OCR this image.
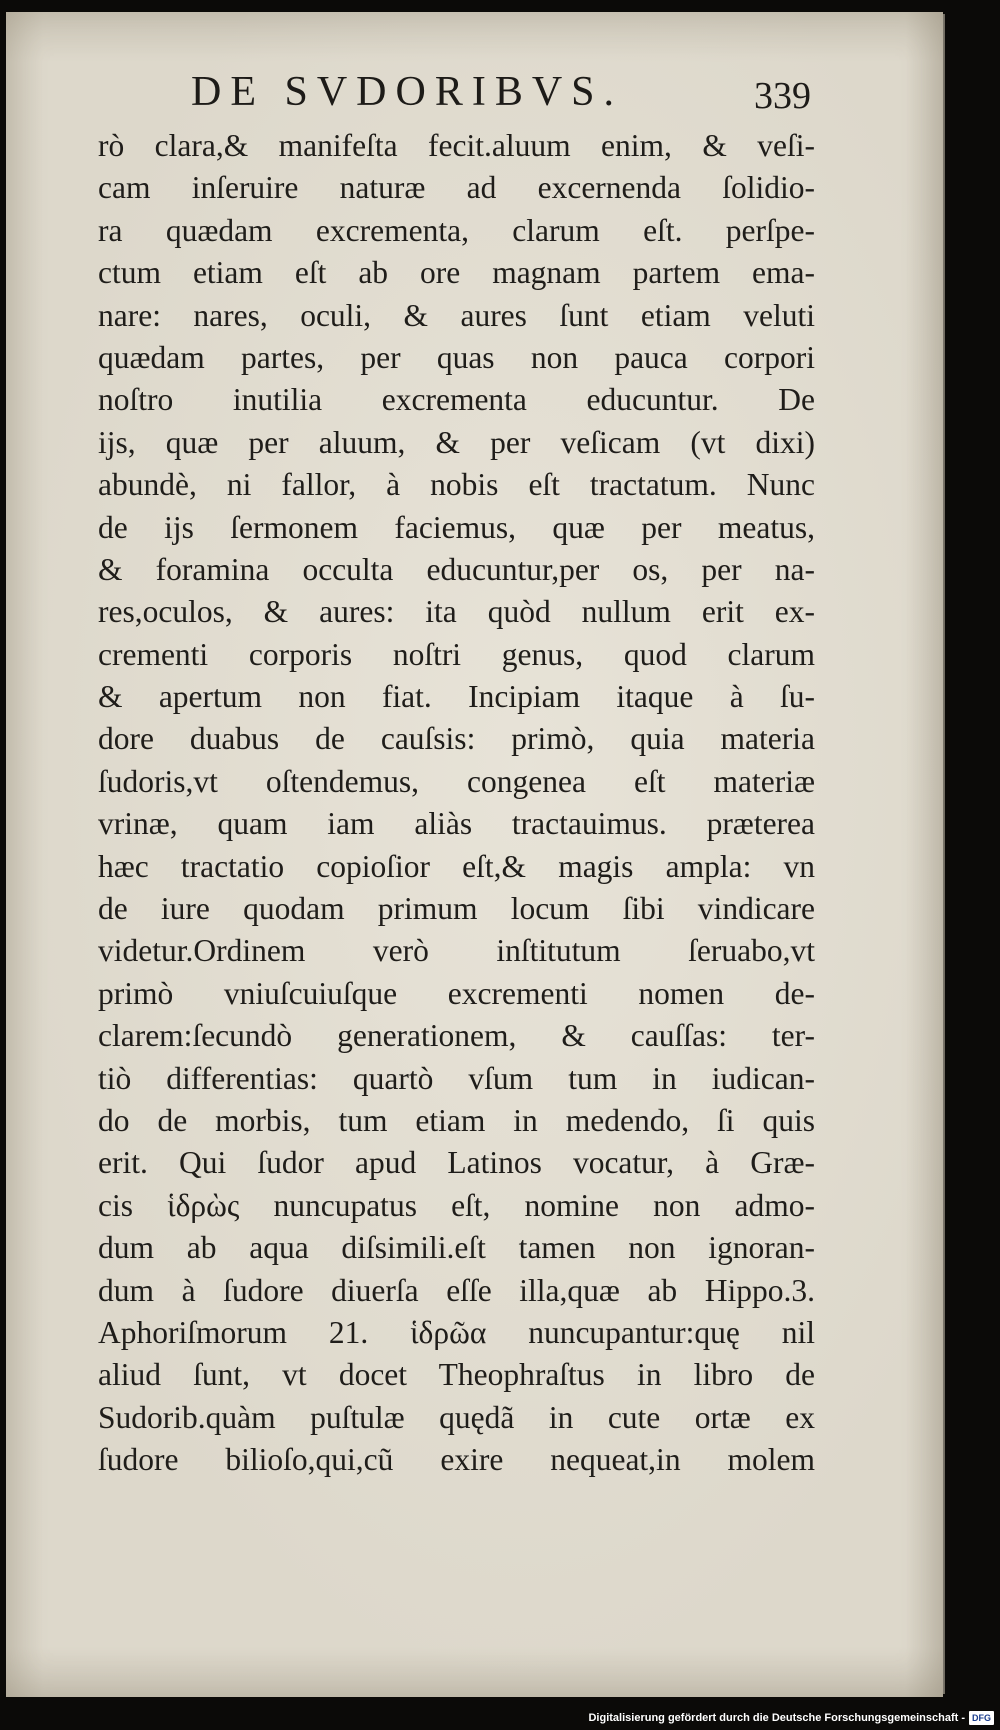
DE SVDORIBVS.	339
rò clara,& manifeſta fecit.aluum enim, & veſi-
cam inſeruire naturæ ad excernenda ſolidio-
ra quædam excrementa, clarum eſt. perſpe-
ctum etiam eſt ab ore magnam partem ema-
nare: nares, oculi, & aures ſunt etiam veluti
quædam partes, per quas non pauca corpori
noſtro inutilia excrementa educuntur. De
ijs, quæ per aluum, & per veſicam (vt dixi)
abundè, ni fallor, à nobis eſt tractatum. Nunc
de ijs ſermonem faciemus, quæ per meatus,
& foramina occulta educuntur,per os, per na-
res,oculos, & aures: ita quòd nullum erit ex-
crementi corporis noſtri genus, quod clarum
& apertum non fiat. Incipiam itaque à ſu-
dore duabus de cauſsis: primò, quia materia
ſudoris,vt oſtendemus, congenea eſt materiæ
vrinæ, quam iam aliàs tractauimus. præterea
hæc tractatio copioſior eſt,& magis ampla: vn
de iure quodam primum locum ſibi vindicare
videtur.Ordinem verò inſtitutum ſeruabo,vt
primò vniuſcuiuſque excrementi nomen de-
clarem:ſecundò generationem, & cauſſas: ter-
tiò differentias: quartò vſum tum in iudican-
do de morbis, tum etiam in medendo, ſi quis
erit. Qui ſudor apud Latinos vocatur, à Græ-
cis ἱδρὼς nuncupatus eſt, nomine non admo-
dum ab aqua diſsimili.eſt tamen non ignoran-
dum à ſudore diuerſa eſſe illa,quæ ab Hippo.3.
Aphoriſmorum 21. ἱδρῶα nuncupantur:quę nil
aliud ſunt, vt docet Theophraſtus in libro de
Sudorib.quàm puſtulæ quędã in cute ortæ ex
ſudore bilioſo,qui,cũ exire nequeat,in molem
Digitalisierung gefördert durch die Deutsche Forschungsgemeinschaft - DFG
